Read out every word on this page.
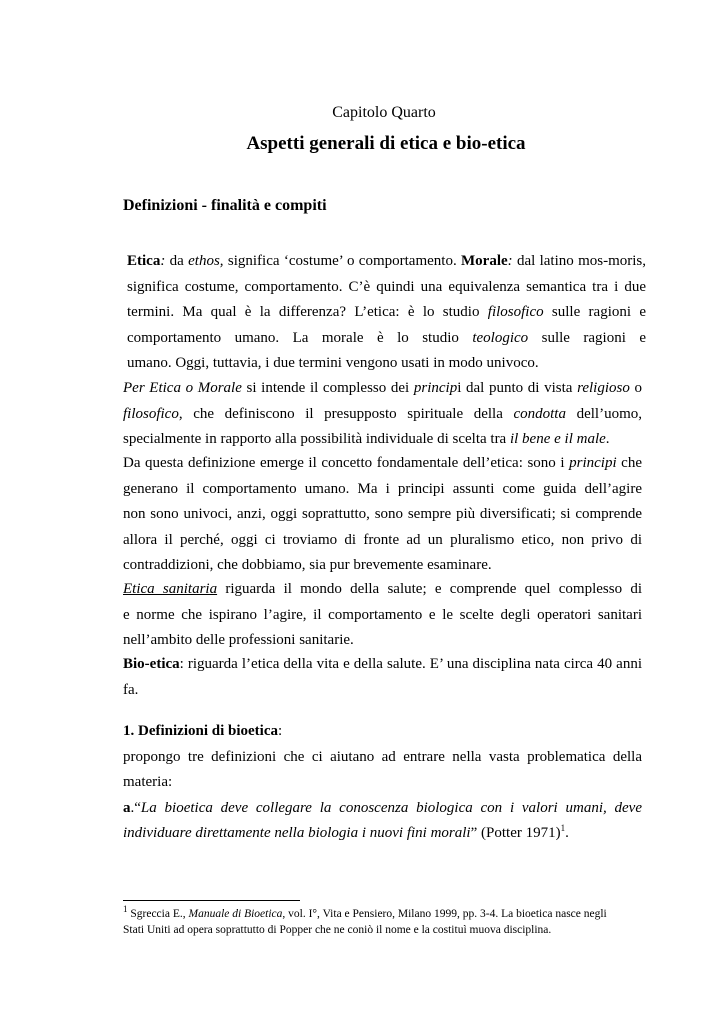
Capitolo Quarto
Aspetti generali di etica e bio-etica
Definizioni - finalità e compiti
Etica: da ethos, significa ‘costume’ o comportamento. Morale: dal latino mos-moris,
significa costume, comportamento. C’è quindi una equivalenza semantica tra i due
termini. Ma qual è la differenza? L’etica: è lo studio filosofico sulle ragioni e
comportamento umano. La morale è lo studio teologico sulle ragioni e
umano. Oggi, tuttavia, i due termini vengono usati in modo univoco.
Per Etica o Morale si intende il complesso dei principi dal punto di vista religioso o
filosofico, che definiscono il presupposto spirituale della condotta dell’uomo,
specialmente in rapporto alla possibilità individuale di scelta tra il bene e il male.
Da questa definizione emerge il concetto fondamentale dell’etica: sono i principi che
generano il comportamento umano. Ma i principi assunti come guida dell’agire
non sono univoci, anzi, oggi soprattutto, sono sempre più diversificati; si comprende
allora il perché, oggi ci troviamo di fronte ad un pluralismo etico, non privo di
contraddizioni, che dobbiamo, sia pur brevemente esaminare.
Etica sanitaria riguarda il mondo della salute; e comprende quel complesso di
e norme che ispirano l’agire, il comportamento e le scelte degli operatori sanitari
nell’ambito delle professioni sanitarie.
Bio-etica: riguarda l’etica della vita e della salute. E’ una disciplina nata circa 40 anni
fa.
1. Definizioni di bioetica:
propongo tre definizioni che ci aiutano ad entrare nella vasta problematica della
materia:
a.“La bioetica deve collegare la conoscenza biologica con i valori umani, deve
individuare direttamente nella biologia i nuovi fini morali” (Potter 1971)$^1$.
$^1$ Sgreccia E., Manuale di Bioetica, vol. I°, Vita e Pensiero, Milano 1999, pp. 3-4. La bioetica nasce negli
Stati Uniti ad opera soprattutto di Popper che ne coniò il nome e la costituì muova disciplina.
